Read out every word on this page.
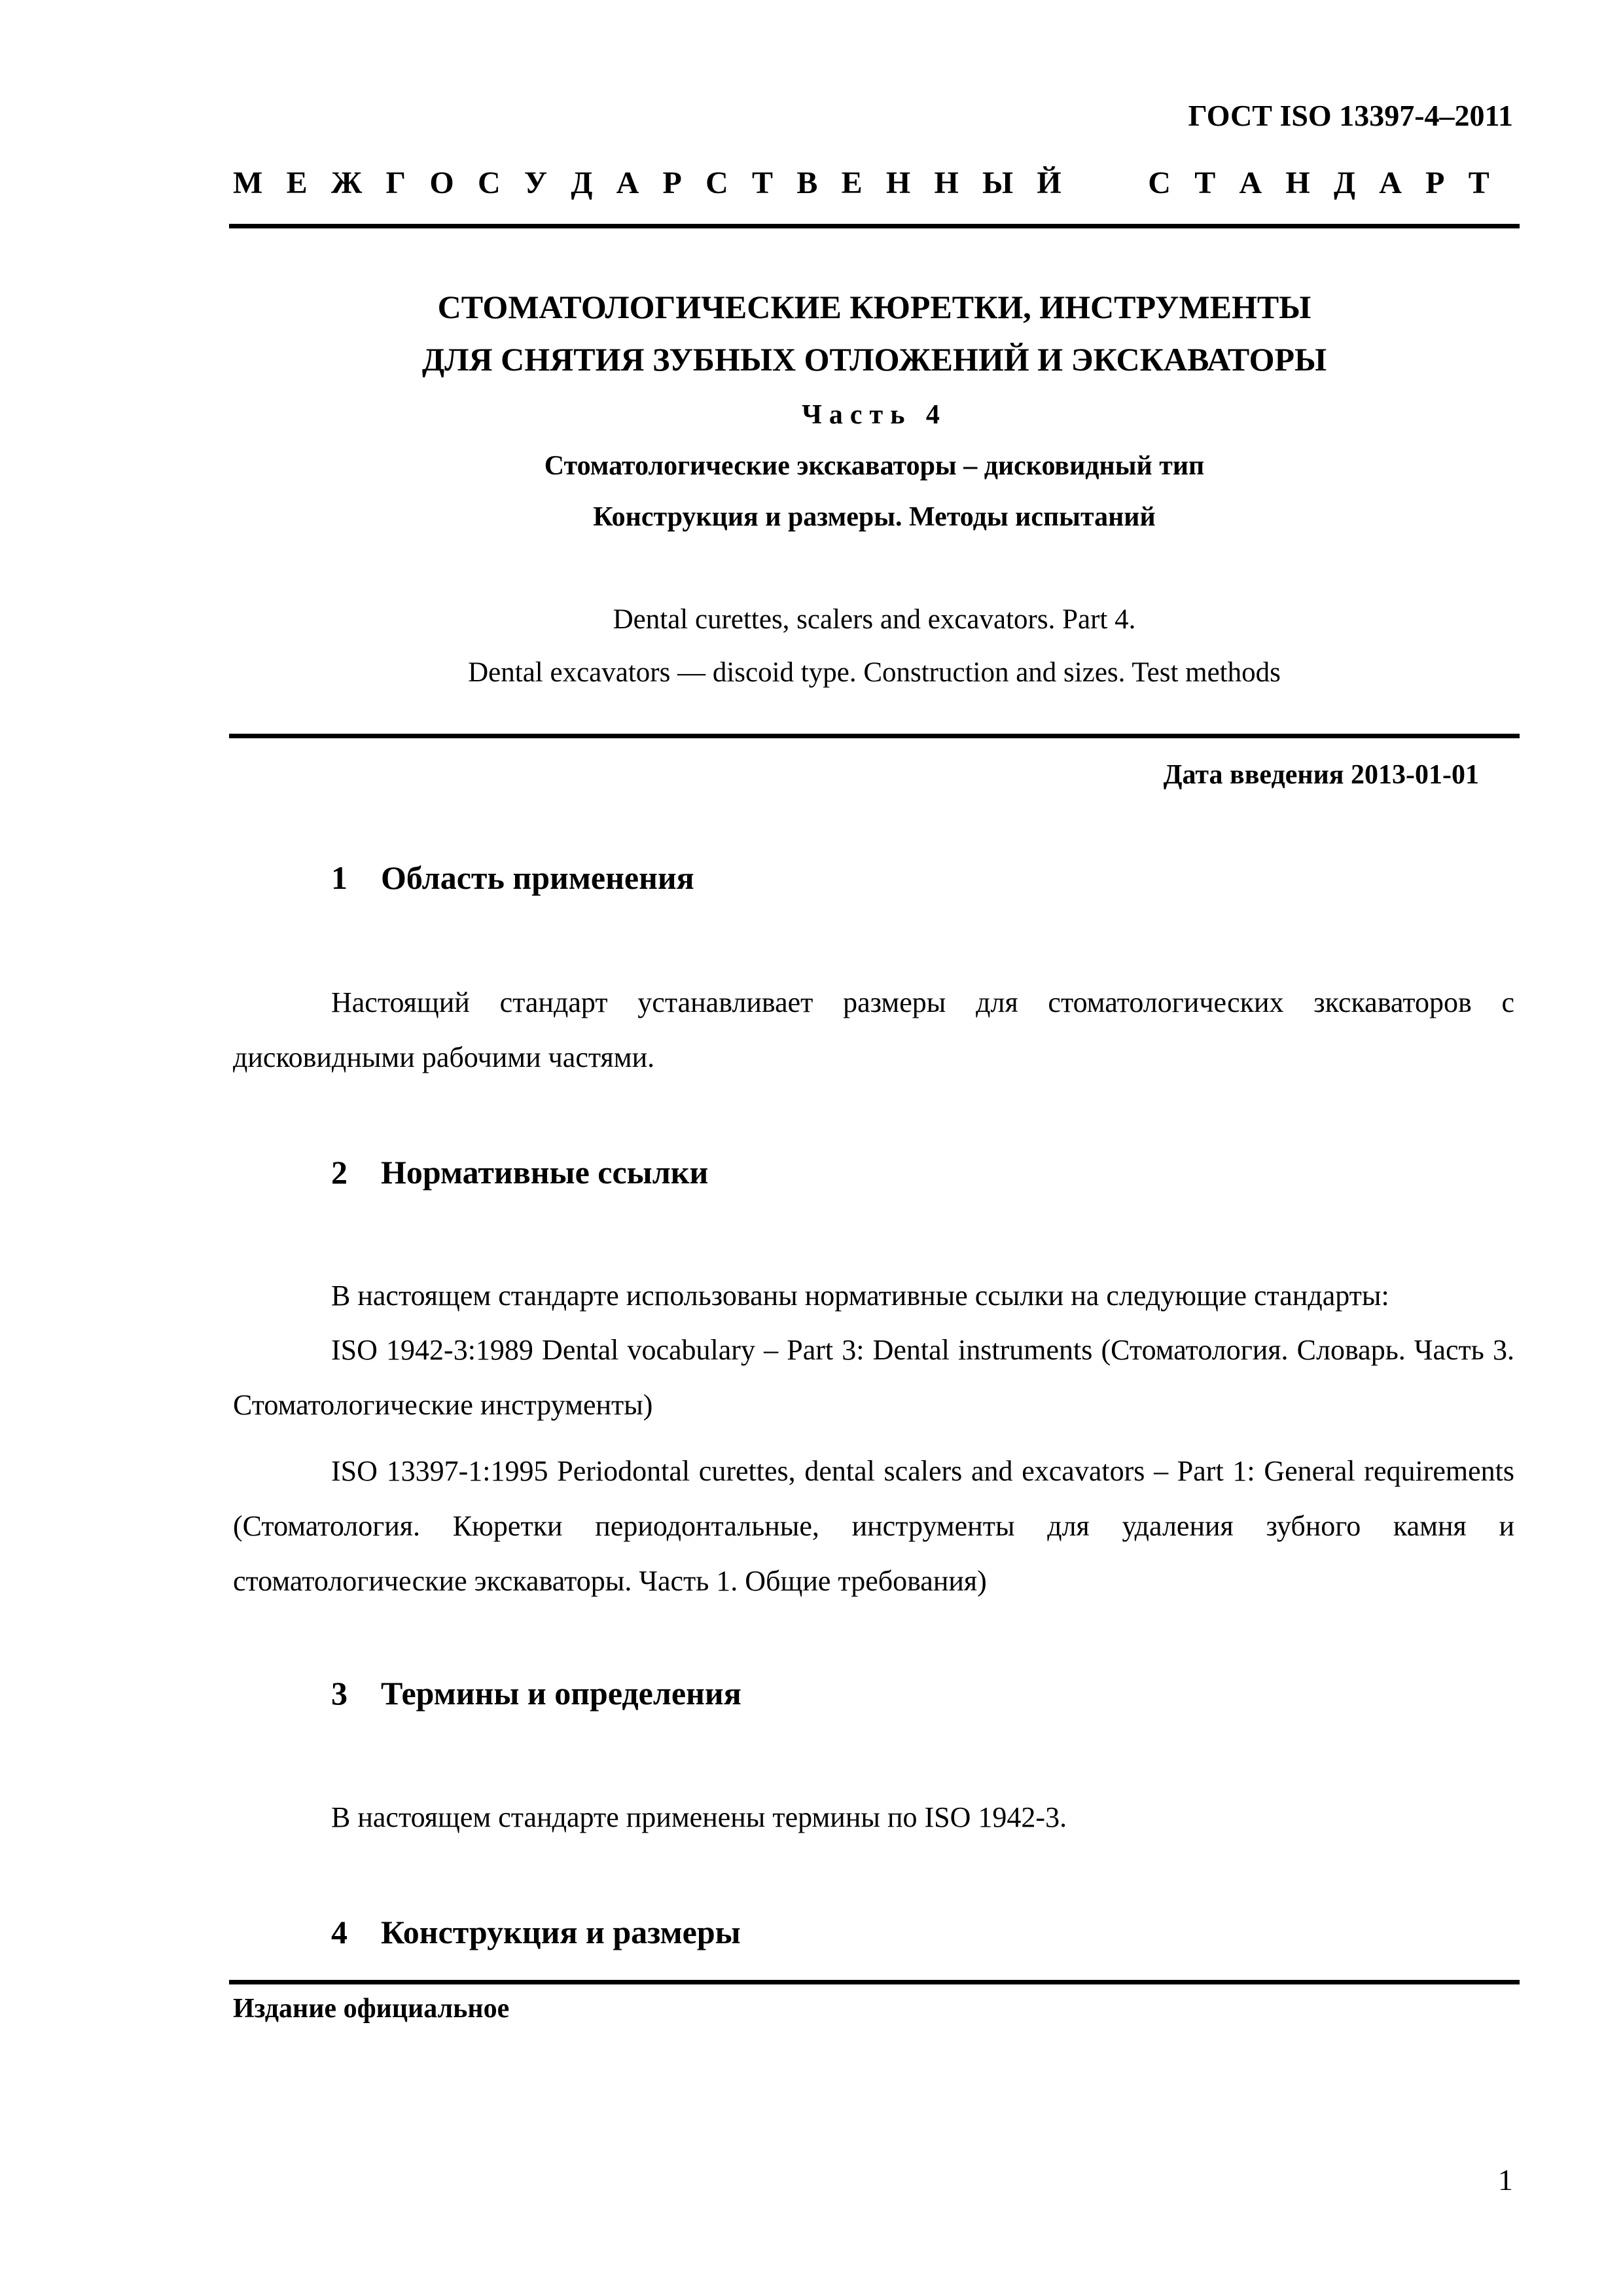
ГОСТ ISO 13397-4–2011
М Е Ж Г О С У Д А Р С Т В Е Н Н Ы Й	С Т А Н Д А Р Т
СТОМАТОЛОГИЧЕСКИЕ КЮРЕТКИ, ИНСТРУМЕНТЫ
ДЛЯ СНЯТИЯ ЗУБНЫХ ОТЛОЖЕНИЙ И ЭКСКАВАТОРЫ
Часть 4
Стоматологические экскаваторы – дисковидный тип
Конструкция и размеры. Методы испытаний
Dental curettes, scalers and excavators. Part 4.
Dental excavators — discoid type. Construction and sizes. Test methods
Дата введения 2013-01-01
1 Область применения
Настоящий стандарт устанавливает размеры для стоматологических зкскаваторов с дисковидными рабочими частями.
2 Нормативные ссылки
В настоящем стандарте использованы нормативные ссылки на следующие стандарты:
ISO 1942-3:1989 Dental vocabulary – Part 3: Dental instruments (Стоматология. Словарь. Часть 3. Стоматологические инструменты)
ISO 13397-1:1995 Periodontal curettes, dental scalers and excavators – Part 1: General requirements (Стоматология. Кюретки периодонтальные, инструменты для удаления зубного камня и стоматологические экскаваторы. Часть 1. Общие требования)
3 Термины и определения
В настоящем стандарте применены термины по ISO 1942-3.
4 Конструкция и размеры
Издание официальное
1
